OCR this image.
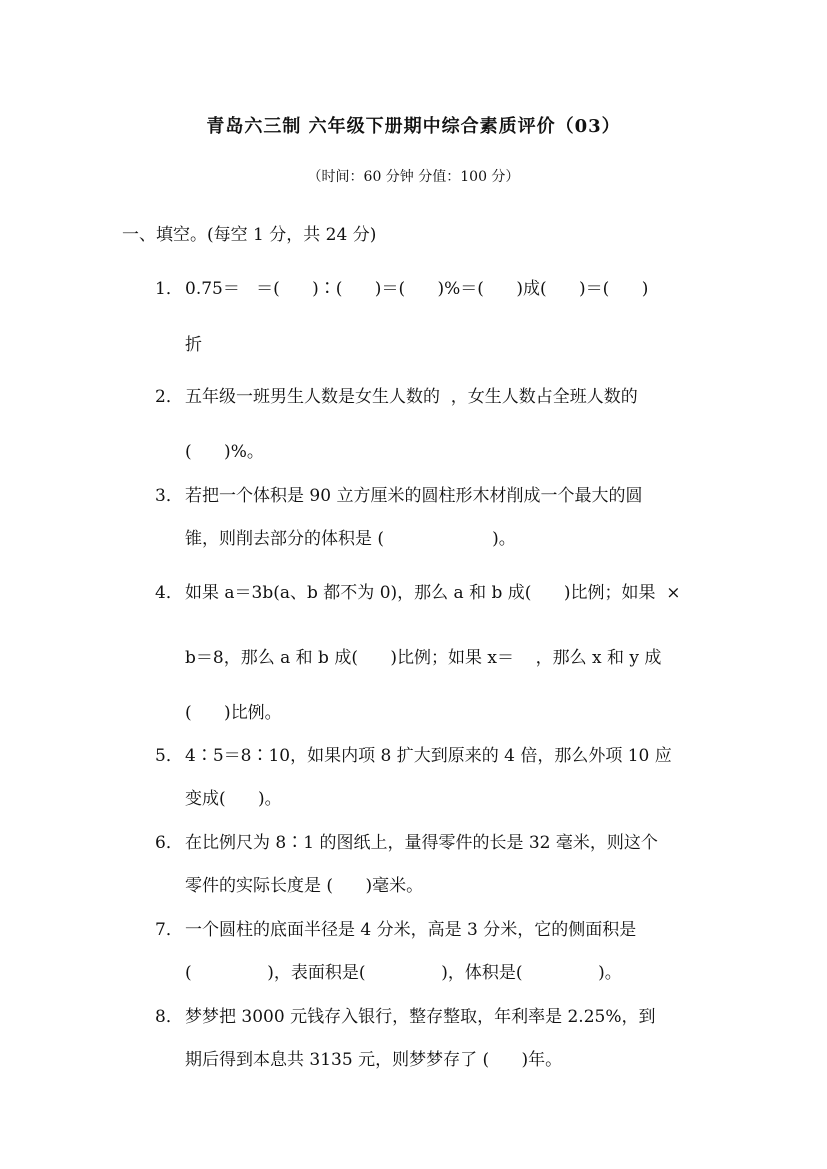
青岛六三制 六年级下册期中综合素质评价（03）
（时间：60 分钟 分值：100 分）
一、填空。(每空 1 分，共 24 分)
1． 0.75＝   ＝(      )∶(      )＝(      )%＝(      )成(      )＝(      )
折
2． 五年级一班男生人数是女生人数的  ，女生人数占全班人数的
(      )%。
3． 若把一个体积是 90 立方厘米的圆柱形木材削成一个最大的圆
锥，则削去部分的体积是 (                    )。
4． 如果 a＝3b(a、b 都不为 0)，那么 a 和 b 成(      )比例；如果  ×
b＝8，那么 a 和 b 成(      )比例；如果 x＝    ，那么 x 和 y 成
(      )比例。
5． 4∶5＝8∶10，如果内项 8 扩大到原来的 4 倍，那么外项 10 应
变成(      )。
6． 在比例尺为 8∶1 的图纸上，量得零件的长是 32 毫米，则这个
零件的实际长度是 (      )毫米。
7． 一个圆柱的底面半径是 4 分米，高是 3 分米，它的侧面积是
(              )，表面积是(              )，体积是(              )。
8． 梦梦把 3000 元钱存入银行，整存整取，年利率是 2.25%，到
期后得到本息共 3135 元，则梦梦存了 (      )年。
